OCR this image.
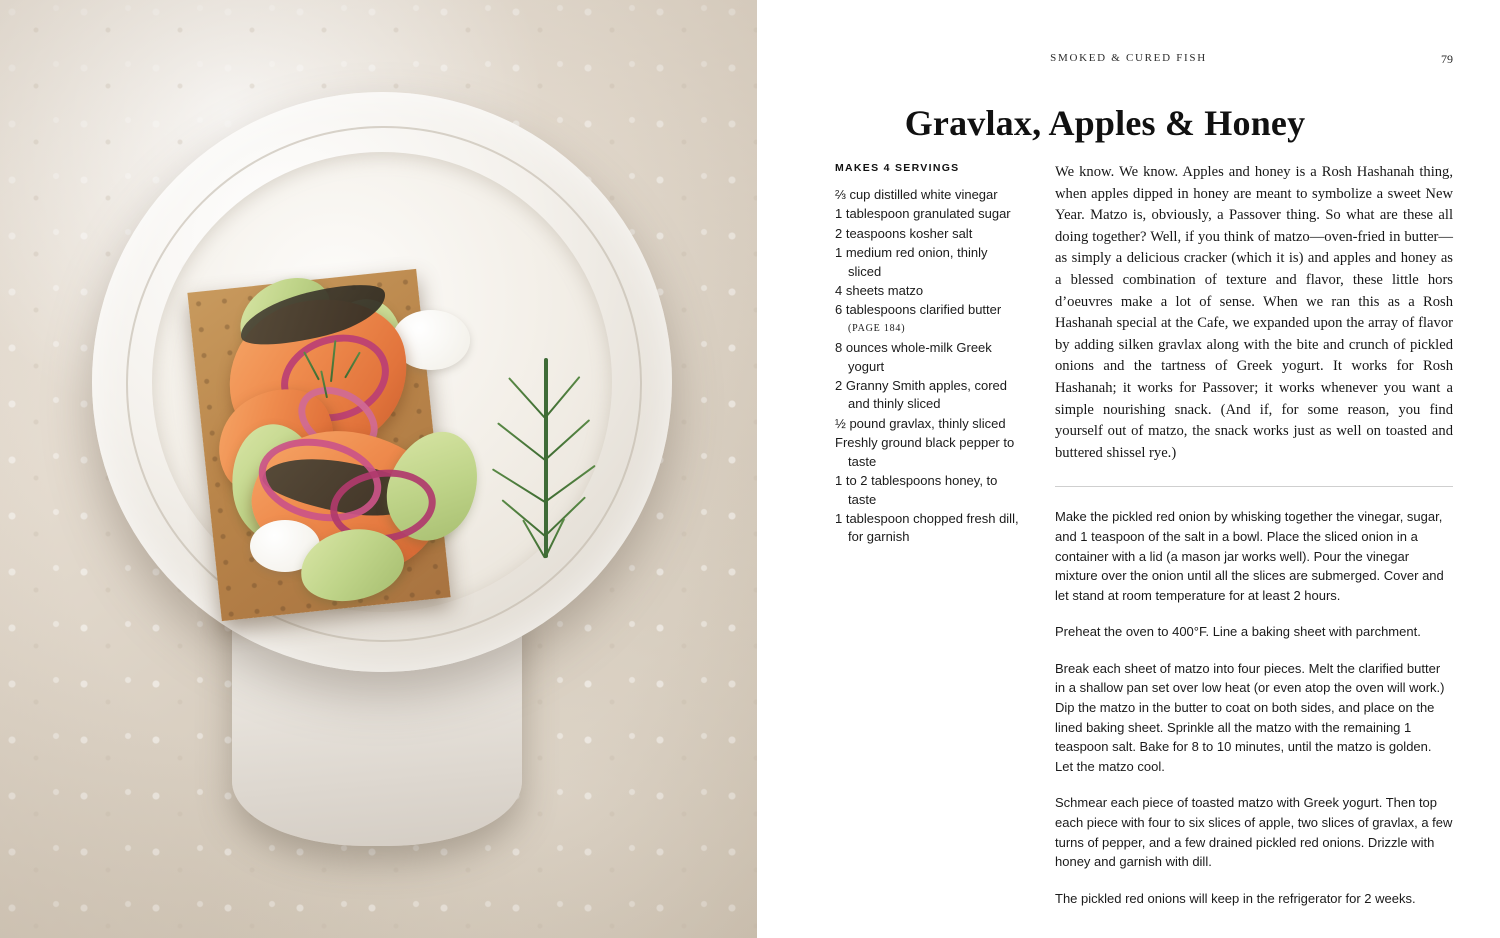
SMOKED & CURED FISH	79
Gravlax, Apples & Honey

MAKES 4 SERVINGS

⅔ cup distilled white vinegar
1 tablespoon granulated sugar
2 teaspoons kosher salt
1 medium red onion, thinly sliced
4 sheets matzo
6 tablespoons clarified butter
(PAGE 184)
8 ounces whole-milk Greek yogurt
2 Granny Smith apples, cored and thinly sliced
½ pound gravlax, thinly sliced
Freshly ground black pepper to taste
1 to 2 tablespoons honey, to taste
1 tablespoon chopped fresh dill, for garnish

We know. We know. Apples and honey is a Rosh Hashanah thing, when apples dipped in honey are meant to symbolize a sweet New Year. Matzo is, obviously, a Passover thing. So what are these all doing together? Well, if you think of matzo—oven-fried in butter—as simply a delicious cracker (which it is) and apples and honey as a blessed combination of texture and flavor, these little hors d’oeuvres make a lot of sense. When we ran this as a Rosh Hashanah special at the Cafe, we expanded upon the array of flavor by adding silken gravlax along with the bite and crunch of pickled onions and the tartness of Greek yogurt. It works for Rosh Hashanah; it works for Passover; it works whenever you want a simple nourishing snack. (And if, for some reason, you find yourself out of matzo, the snack works just as well on toasted and buttered shissel rye.)

Make the pickled red onion by whisking together the vinegar, sugar, and 1 teaspoon of the salt in a bowl. Place the sliced onion in a container with a lid (a mason jar works well). Pour the vinegar mixture over the onion until all the slices are submerged. Cover and let stand at room temperature for at least 2 hours.

Preheat the oven to 400°F. Line a baking sheet with parchment.

Break each sheet of matzo into four pieces. Melt the clarified butter in a shallow pan set over low heat (or even atop the oven will work.) Dip the matzo in the butter to coat on both sides, and place on the lined baking sheet. Sprinkle all the matzo with the remaining 1 teaspoon salt. Bake for 8 to 10 minutes, until the matzo is golden. Let the matzo cool.

Schmear each piece of toasted matzo with Greek yogurt. Then top each piece with four to six slices of apple, two slices of gravlax, a few turns of pepper, and a few drained pickled red onions. Drizzle with honey and garnish with dill.

The pickled red onions will keep in the refrigerator for 2 weeks.
